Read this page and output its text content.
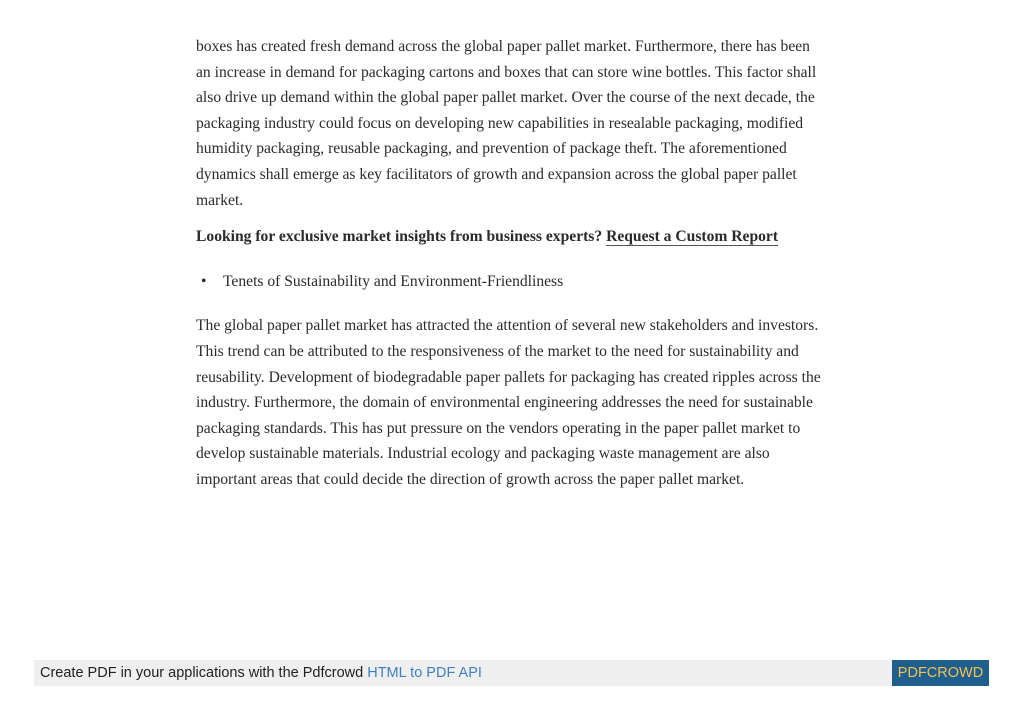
boxes has created fresh demand across the global paper pallet market. Furthermore, there has been an increase in demand for packaging cartons and boxes that can store wine bottles. This factor shall also drive up demand within the global paper pallet market. Over the course of the next decade, the packaging industry could focus on developing new capabilities in resealable packaging, modified humidity packaging, reusable packaging, and prevention of package theft. The aforementioned dynamics shall emerge as key facilitators of growth and expansion across the global paper pallet market.

Looking for exclusive market insights from business experts? Request a Custom Report

• Tenets of Sustainability and Environment-Friendliness

The global paper pallet market has attracted the attention of several new stakeholders and investors. This trend can be attributed to the responsiveness of the market to the need for sustainability and reusability. Development of biodegradable paper pallets for packaging has created ripples across the industry. Furthermore, the domain of environmental engineering addresses the need for sustainable packaging standards. This has put pressure on the vendors operating in the paper pallet market to develop sustainable materials. Industrial ecology and packaging waste management are also important areas that could decide the direction of growth across the paper pallet market.

Create PDF in your applications with the Pdfcrowd HTML to PDF API	PDFCROWD
